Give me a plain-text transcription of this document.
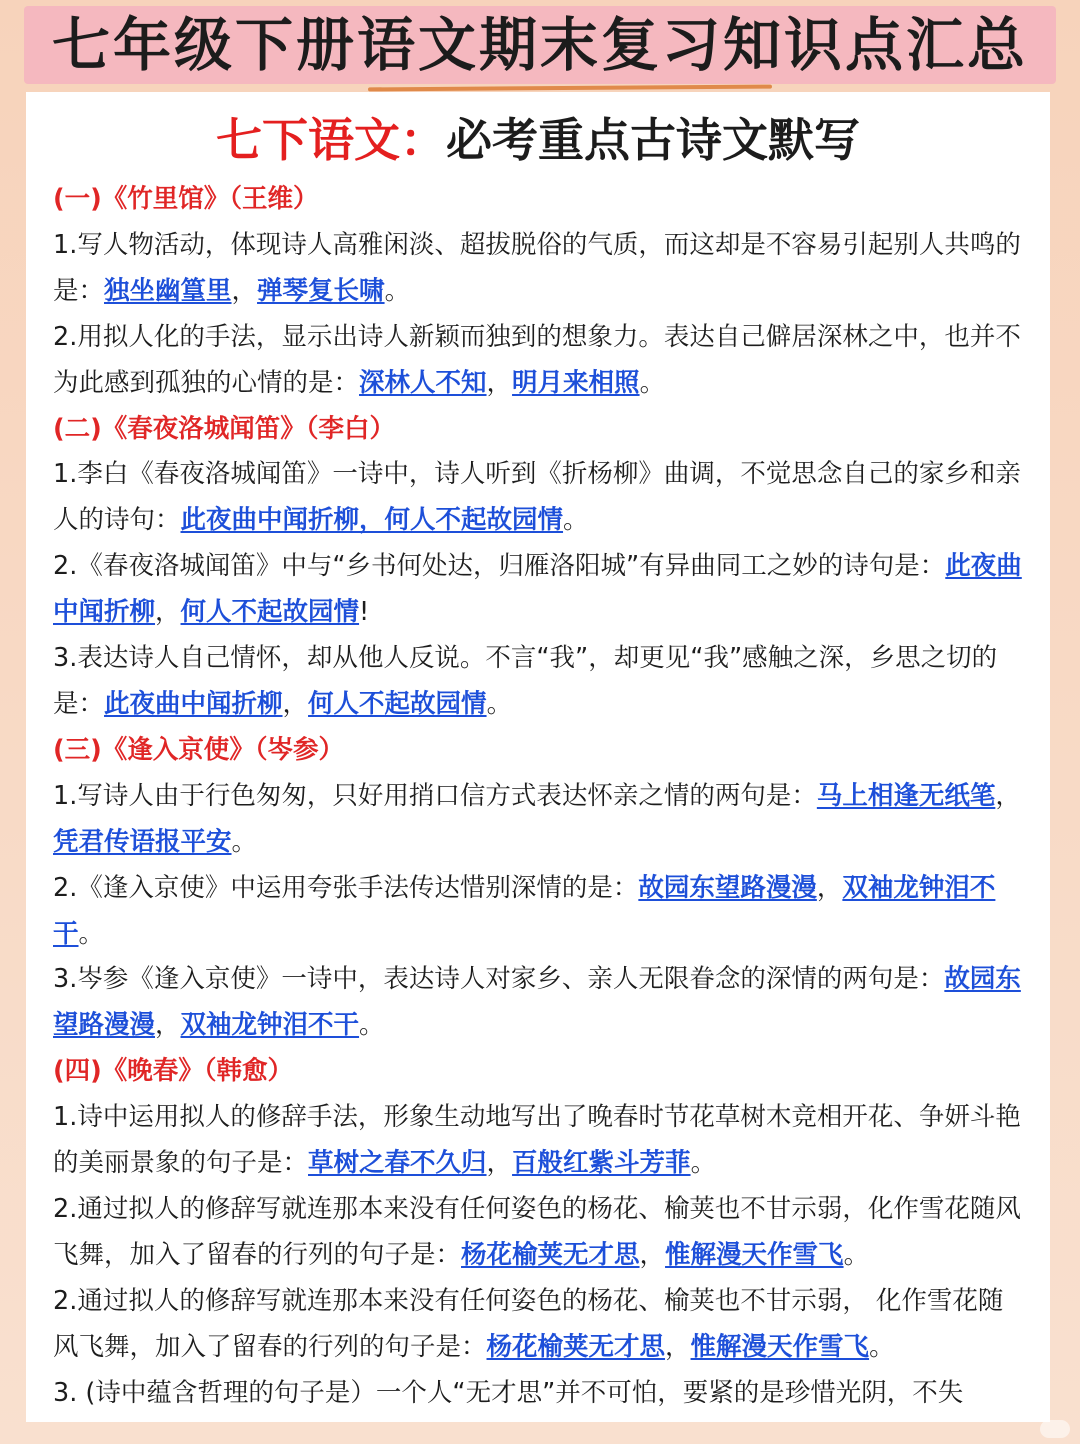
七年级下册语文期末复习知识点汇总
七下语文：必考重点古诗文默写
(一)《竹里馆》（王维）

1.写人物活动，体现诗人高雅闲淡、超拔脱俗的气质，而这却是不容易引起别人共鸣的是：独坐幽篁里，弹琴复长啸。

2.用拟人化的手法，显示出诗人新颖而独到的想象力。表达自己僻居深林之中，也并不为此感到孤独的心情的是：深林人不知，明月来相照。

(二)《春夜洛城闻笛》（李白）

1.李白《春夜洛城闻笛》一诗中，诗人听到《折杨柳》曲调，不觉思念自己的家乡和亲人的诗句：此夜曲中闻折柳，何人不起故园情。

2.《春夜洛城闻笛》中与“乡书何处达，归雁洛阳城”有异曲同工之妙的诗句是：此夜曲中闻折柳，何人不起故园情!

3.表达诗人自己情怀，却从他人反说。不言“我”，却更见“我”感触之深，乡思之切的是：此夜曲中闻折柳，何人不起故园情。

(三)《逢入京使》（岑参）

1.写诗人由于行色匆匆，只好用捎口信方式表达怀亲之情的两句是：马上相逢无纸笔，凭君传语报平安。

2.《逢入京使》中运用夸张手法传达惜别深情的是：故园东望路漫漫，双袖龙钟泪不干。

3.岑参《逢入京使》一诗中，表达诗人对家乡、亲人无限眷念的深情的两句是：故园东望路漫漫，双袖龙钟泪不干。

(四)《晚春》（韩愈）

1.诗中运用拟人的修辞手法，形象生动地写出了晚春时节花草树木竞相开花、争妍斗艳的美丽景象的句子是：草树之春不久归，百般红紫斗芳菲。

2.通过拟人的修辞写就连那本来没有任何姿色的杨花、榆荚也不甘示弱，化作雪花随风飞舞，加入了留春的行列的句子是：杨花榆荚无才思，惟解漫天作雪飞。

2.通过拟人的修辞写就连那本来没有任何姿色的杨花、榆荚也不甘示弱， 化作雪花随风飞舞，加入了留春的行列的句子是：杨花榆荚无才思，惟解漫天作雪飞。

3. (诗中蕴含哲理的句子是）一个人“无才思”并不可怕，要紧的是珍惜光阴，不失
